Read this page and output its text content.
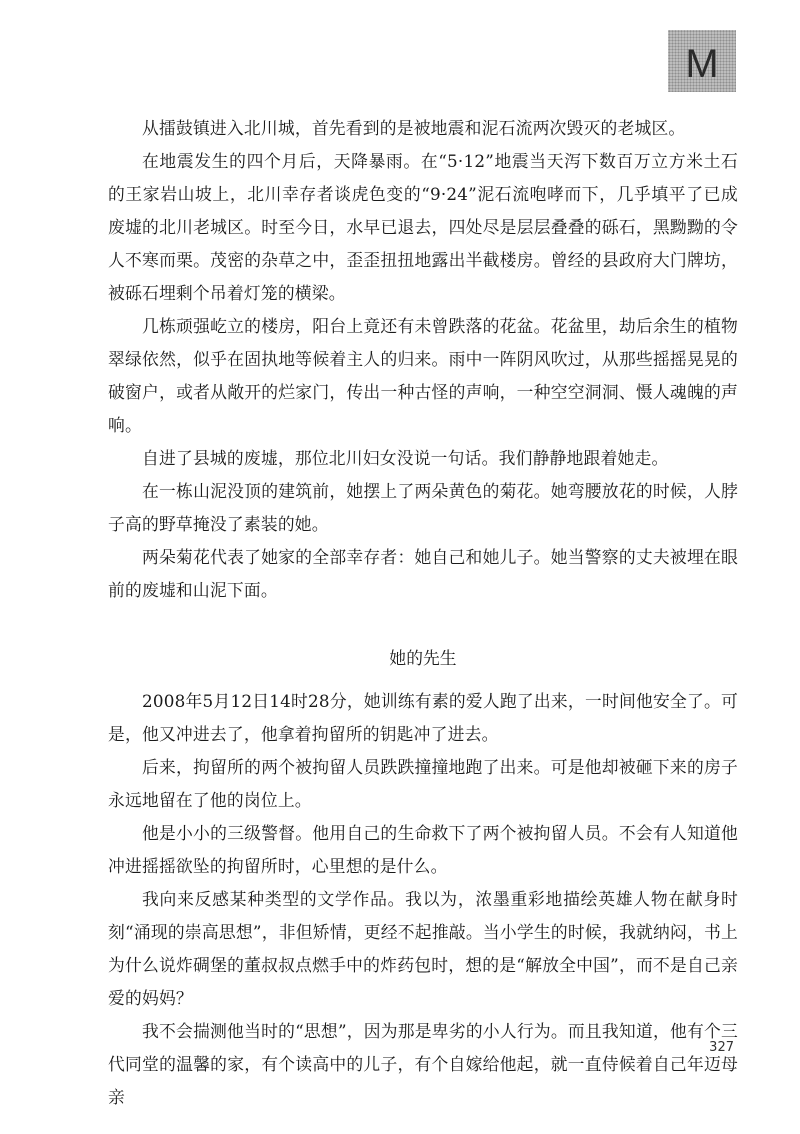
M

从擂鼓镇进入北川城，首先看到的是被地震和泥石流两次毁灭的老城区。

在地震发生的四个月后，天降暴雨。在“5·12”地震当天泻下数百万立方米土石的王家岩山坡上，北川幸存者谈虎色变的“9·24”泥石流咆哮而下，几乎填平了已成废墟的北川老城区。时至今日，水早已退去，四处尽是层层叠叠的砾石，黑黝黝的令人不寒而栗。茂密的杂草之中，歪歪扭扭地露出半截楼房。曾经的县政府大门牌坊，被砾石埋剩个吊着灯笼的横梁。

几栋顽强屹立的楼房，阳台上竟还有未曾跌落的花盆。花盆里，劫后余生的植物翠绿依然，似乎在固执地等候着主人的归来。雨中一阵阴风吹过，从那些摇摇晃晃的破窗户，或者从敞开的烂家门，传出一种古怪的声响，一种空空洞洞、慑人魂魄的声响。

自进了县城的废墟，那位北川妇女没说一句话。我们静静地跟着她走。

在一栋山泥没顶的建筑前，她摆上了两朵黄色的菊花。她弯腰放花的时候，人脖子高的野草掩没了素装的她。

两朵菊花代表了她家的全部幸存者：她自己和她儿子。她当警察的丈夫被埋在眼前的废墟和山泥下面。

她的先生

2008年5月12日14时28分，她训练有素的爱人跑了出来，一时间他安全了。可是，他又冲进去了，他拿着拘留所的钥匙冲了进去。

后来，拘留所的两个被拘留人员跌跌撞撞地跑了出来。可是他却被砸下来的房子永远地留在了他的岗位上。

他是小小的三级警督。他用自己的生命救下了两个被拘留人员。不会有人知道他冲进摇摇欲坠的拘留所时，心里想的是什么。

我向来反感某种类型的文学作品。我以为，浓墨重彩地描绘英雄人物在献身时刻“涌现的崇高思想”，非但矫情，更经不起推敲。当小学生的时候，我就纳闷，书上为什么说炸碉堡的董叔叔点燃手中的炸药包时，想的是“解放全中国”，而不是自己亲爱的妈妈？

我不会揣测他当时的“思想”，因为那是卑劣的小人行为。而且我知道，他有个三代同堂的温馨的家，有个读高中的儿子，有个自嫁给他起，就一直侍候着自己年迈母亲

327
